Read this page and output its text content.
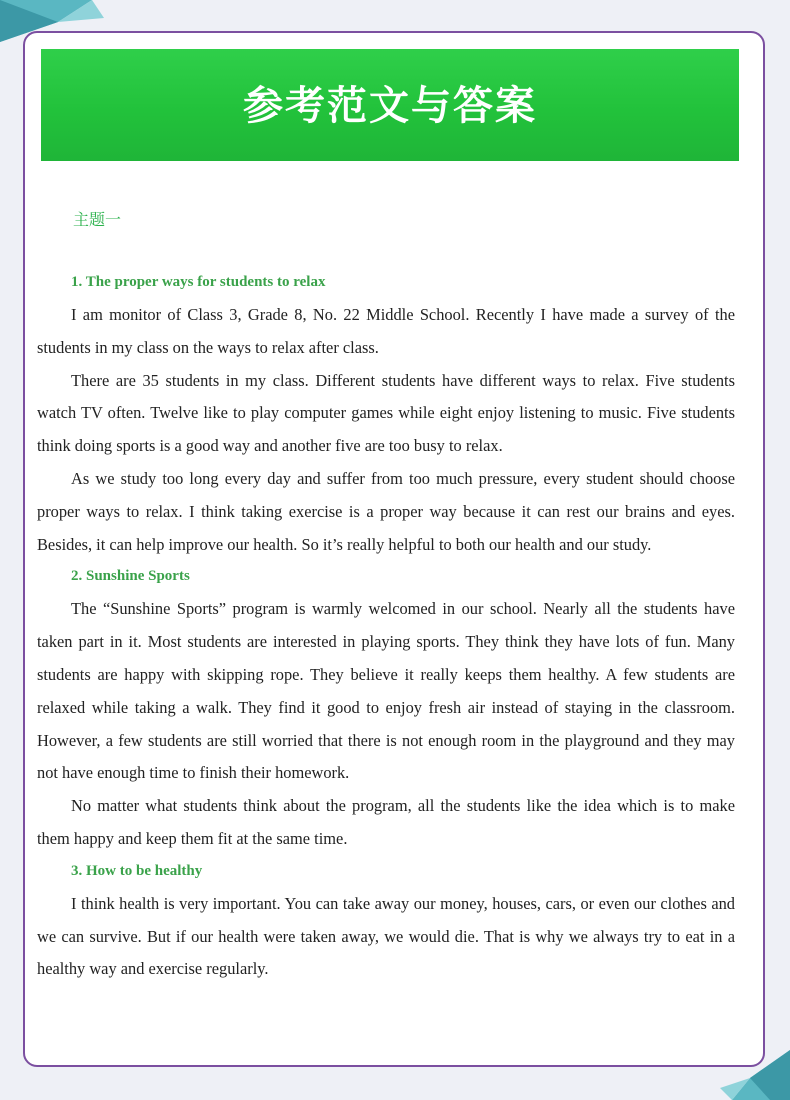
参考范文与答案
主题一
1. The proper ways for students to relax

I am monitor of Class 3, Grade 8, No. 22 Middle School. Recently I have made a survey of the students in my class on the ways to relax after class.

There are 35 students in my class. Different students have different ways to relax. Five students watch TV often. Twelve like to play computer games while eight enjoy listening to music. Five students think doing sports is a good way and another five are too busy to relax.

As we study too long every day and suffer from too much pressure, every student should choose proper ways to relax. I think taking exercise is a proper way because it can rest our brains and eyes. Besides, it can help improve our health. So it’s really helpful to both our health and our study.

2. Sunshine Sports

The “Sunshine Sports” program is warmly welcomed in our school. Nearly all the students have taken part in it. Most students are interested in playing sports. They think they have lots of fun. Many students are happy with skipping rope. They believe it really keeps them healthy. A few students are relaxed while taking a walk. They find it good to enjoy fresh air instead of staying in the classroom. However, a few students are still worried that there is not enough room in the playground and they may not have enough time to finish their homework.

No matter what students think about the program, all the students like the idea which is to make them happy and keep them fit at the same time.

3. How to be healthy

I think health is very important. You can take away our money, houses, cars, or even our clothes and we can survive. But if our health were taken away, we would die. That is why we always try to eat in a healthy way and exercise regularly.
